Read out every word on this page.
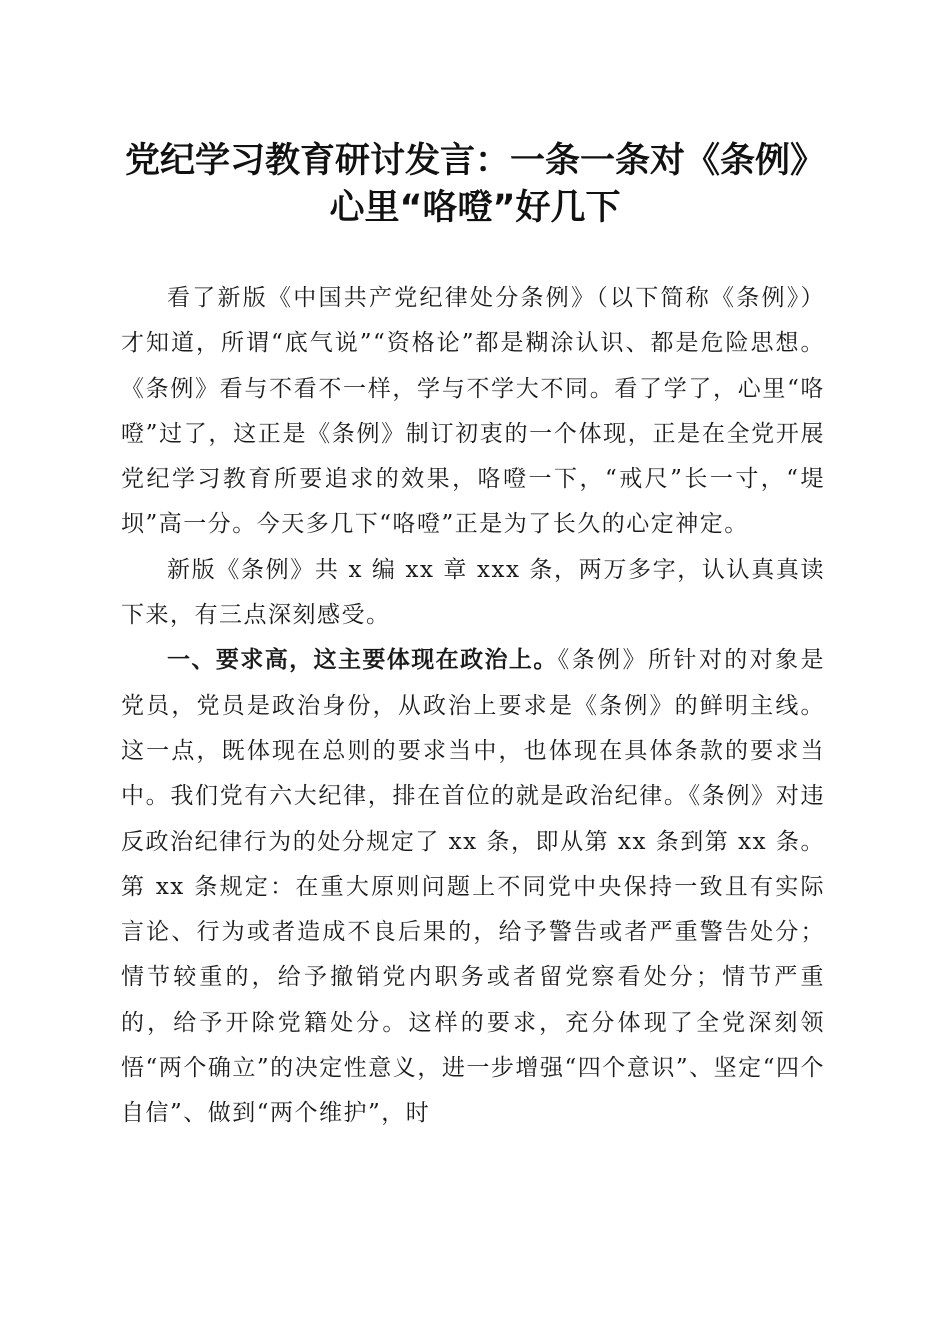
党纪学习教育研讨发言：一条一条对《条例》
心里“咯噔”好几下

看了新版《中国共产党纪律处分条例》（以下简称《条例》）才知道，所谓“底气说”“资格论”都是糊涂认识、都是危险思想。《条例》看与不看不一样，学与不学大不同。看了学了，心里“咯噔”过了，这正是《条例》制订初衷的一个体现，正是在全党开展党纪学习教育所要追求的效果，咯噔一下，“戒尺”长一寸，“堤坝”高一分。今天多几下“咯噔”正是为了长久的心定神定。

新版《条例》共 x 编 xx 章 xxx 条，两万多字，认认真真读下来，有三点深刻感受。

一、要求高，这主要体现在政治上。《条例》所针对的对象是党员，党员是政治身份，从政治上要求是《条例》的鲜明主线。这一点，既体现在总则的要求当中，也体现在具体条款的要求当中。我们党有六大纪律，排在首位的就是政治纪律。《条例》对违反政治纪律行为的处分规定了 xx 条，即从第 xx 条到第 xx 条。第 xx 条规定：在重大原则问题上不同党中央保持一致且有实际言论、行为或者造成不良后果的，给予警告或者严重警告处分；情节较重的，给予撤销党内职务或者留党察看处分；情节严重的，给予开除党籍处分。这样的要求，充分体现了全党深刻领悟“两个确立”的决定性意义，进一步增强“四个意识”、坚定“四个自信”、做到“两个维护”，时
